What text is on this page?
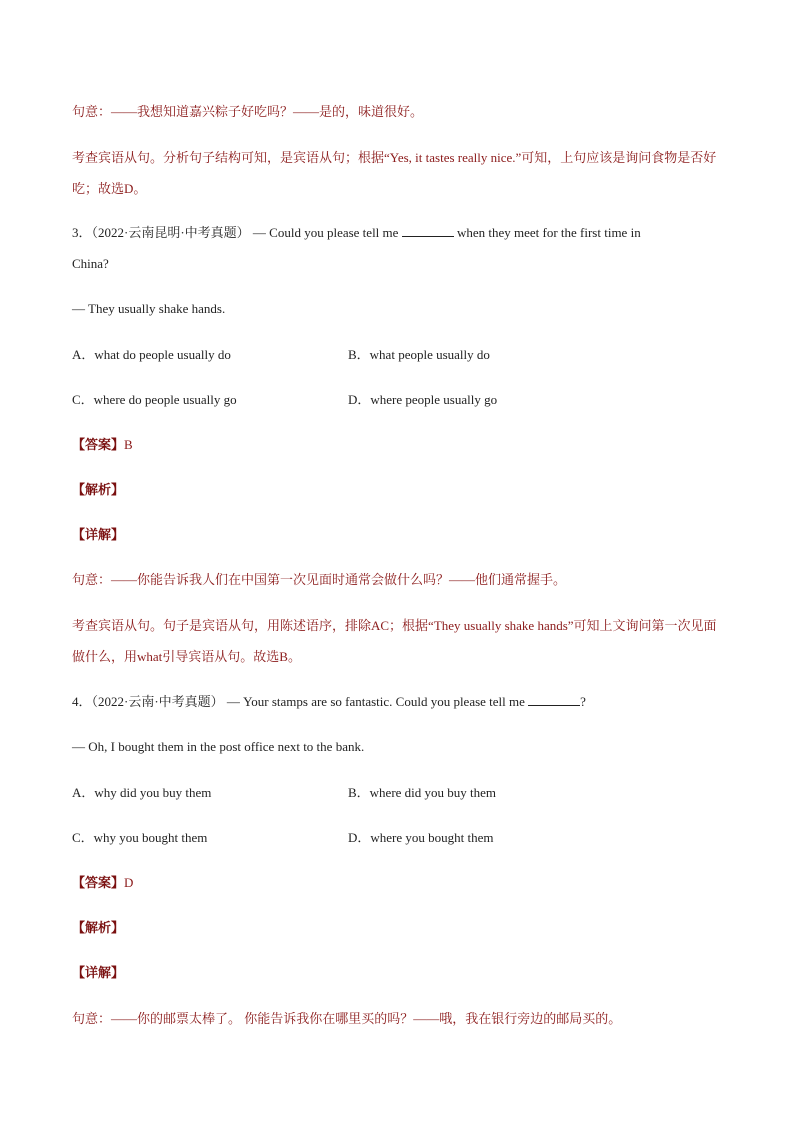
句意：——我想知道嘉兴粽子好吃吗？——是的，味道很好。
考查宾语从句。分析句子结构可知，是宾语从句；根据“Yes, it tastes really nice.”可知，上句应该是询问食物是否好吃；故选D。
3．（2022·云南昆明·中考真题） — Could you please tell me	when they meet for the first time in
China?
— They usually shake hands.
A．what do people usually do	B．what people usually do
C．where do people usually go	D．where people usually go
【答案】B
【解析】
【详解】
句意：——你能告诉我人们在中国第一次见面时通常会做什么吗？——他们通常握手。
考查宾语从句。句子是宾语从句，用陈述语序，排除AC；根据“They usually shake hands”可知上文询问第一次见面做什么，用what引导宾语从句。故选B。
4．（2022·云南·中考真题） — Your stamps are so fantastic. Could you please tell me	?
— Oh, I bought them in the post office next to the bank.
A．why did you buy them	B．where did you buy them
C．why you bought them	D．where you bought them
【答案】D
【解析】
【详解】
句意：——你的邮票太棒了。 你能告诉我你在哪里买的吗？——哦，我在银行旁边的邮局买的。
